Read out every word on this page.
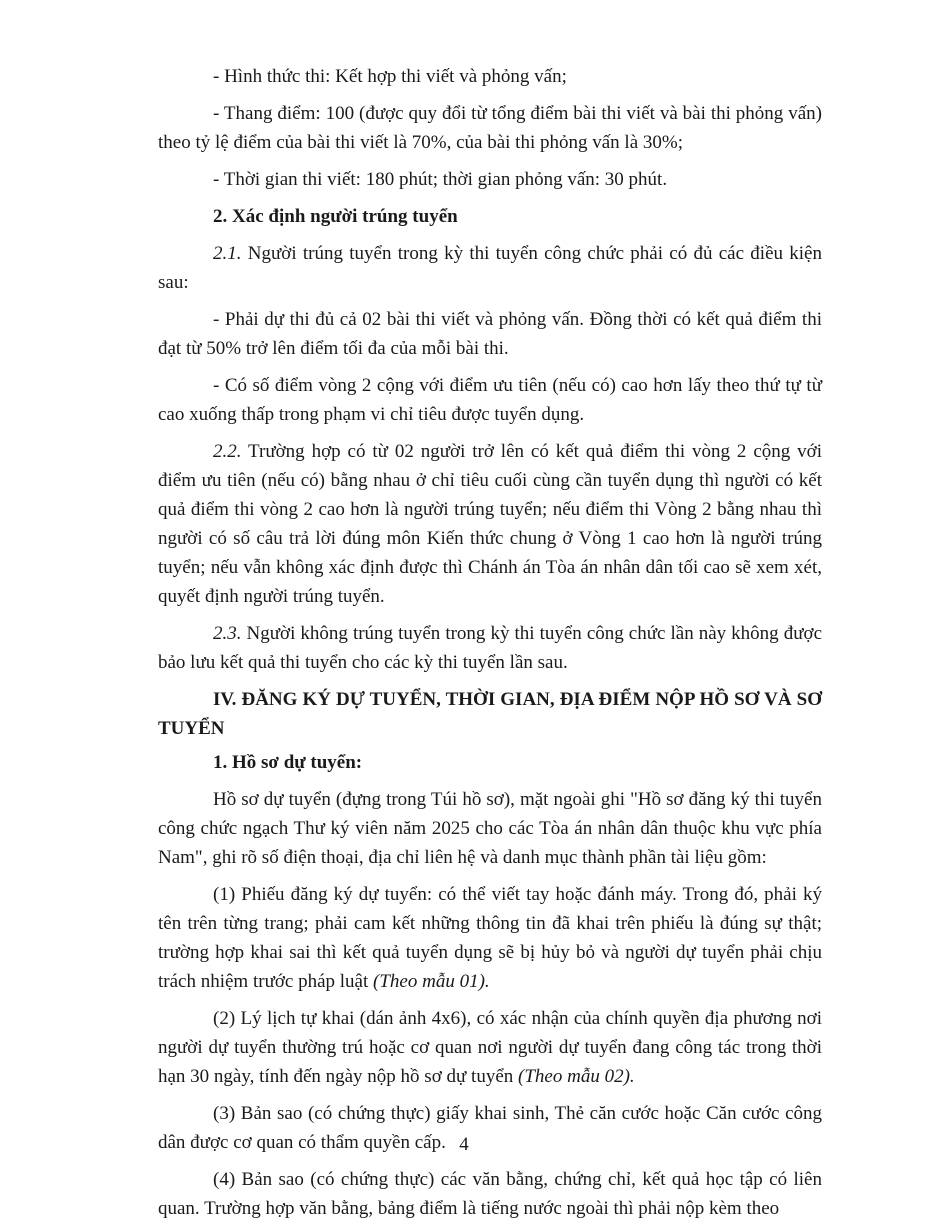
- Hình thức thi: Kết hợp thi viết và phỏng vấn;

- Thang điểm: 100 (được quy đổi từ tổng điểm bài thi viết và bài thi phỏng vấn) theo tỷ lệ điểm của bài thi viết là 70%, của bài thi phỏng vấn là 30%;

- Thời gian thi viết: 180 phút; thời gian phỏng vấn: 30 phút.

2. Xác định người trúng tuyển

2.1. Người trúng tuyển trong kỳ thi tuyển công chức phải có đủ các điều kiện sau:

- Phải dự thi đủ cả 02 bài thi viết và phỏng vấn. Đồng thời có kết quả điểm thi đạt từ 50% trở lên điểm tối đa của mỗi bài thi.

- Có số điểm vòng 2 cộng với điểm ưu tiên (nếu có) cao hơn lấy theo thứ tự từ cao xuống thấp trong phạm vi chỉ tiêu được tuyển dụng.

2.2. Trường hợp có từ 02 người trở lên có kết quả điểm thi vòng 2 cộng với điểm ưu tiên (nếu có) bằng nhau ở chỉ tiêu cuối cùng cần tuyển dụng thì người có kết quả điểm thi vòng 2 cao hơn là người trúng tuyển; nếu điểm thi Vòng 2 bằng nhau thì người có số câu trả lời đúng môn Kiến thức chung ở Vòng 1 cao hơn là người trúng tuyển; nếu vẫn không xác định được thì Chánh án Tòa án nhân dân tối cao sẽ xem xét, quyết định người trúng tuyển.

2.3. Người không trúng tuyển trong kỳ thi tuyển công chức lần này không được bảo lưu kết quả thi tuyển cho các kỳ thi tuyển lần sau.

IV. ĐĂNG KÝ DỰ TUYỂN, THỜI GIAN, ĐỊA ĐIỂM NỘP HỒ SƠ VÀ SƠ TUYỂN

1. Hồ sơ dự tuyển:

Hồ sơ dự tuyển (đựng trong Túi hồ sơ), mặt ngoài ghi "Hồ sơ đăng ký thi tuyển công chức ngạch Thư ký viên năm 2025 cho các Tòa án nhân dân thuộc khu vực phía Nam", ghi rõ số điện thoại, địa chỉ liên hệ và danh mục thành phần tài liệu gồm:

(1) Phiếu đăng ký dự tuyển: có thể viết tay hoặc đánh máy. Trong đó, phải ký tên trên từng trang; phải cam kết những thông tin đã khai trên phiếu là đúng sự thật; trường hợp khai sai thì kết quả tuyển dụng sẽ bị hủy bỏ và người dự tuyển phải chịu trách nhiệm trước pháp luật (Theo mẫu 01).

(2) Lý lịch tự khai (dán ảnh 4x6), có xác nhận của chính quyền địa phương nơi người dự tuyển thường trú hoặc cơ quan nơi người dự tuyển đang công tác trong thời hạn 30 ngày, tính đến ngày nộp hồ sơ dự tuyển (Theo mẫu 02).

(3) Bản sao (có chứng thực) giấy khai sinh, Thẻ căn cước hoặc Căn cước công dân được cơ quan có thẩm quyền cấp.

(4) Bản sao (có chứng thực) các văn bằng, chứng chỉ, kết quả học tập có liên quan. Trường hợp văn bằng, bảng điểm là tiếng nước ngoài thì phải nộp kèm theo

4
